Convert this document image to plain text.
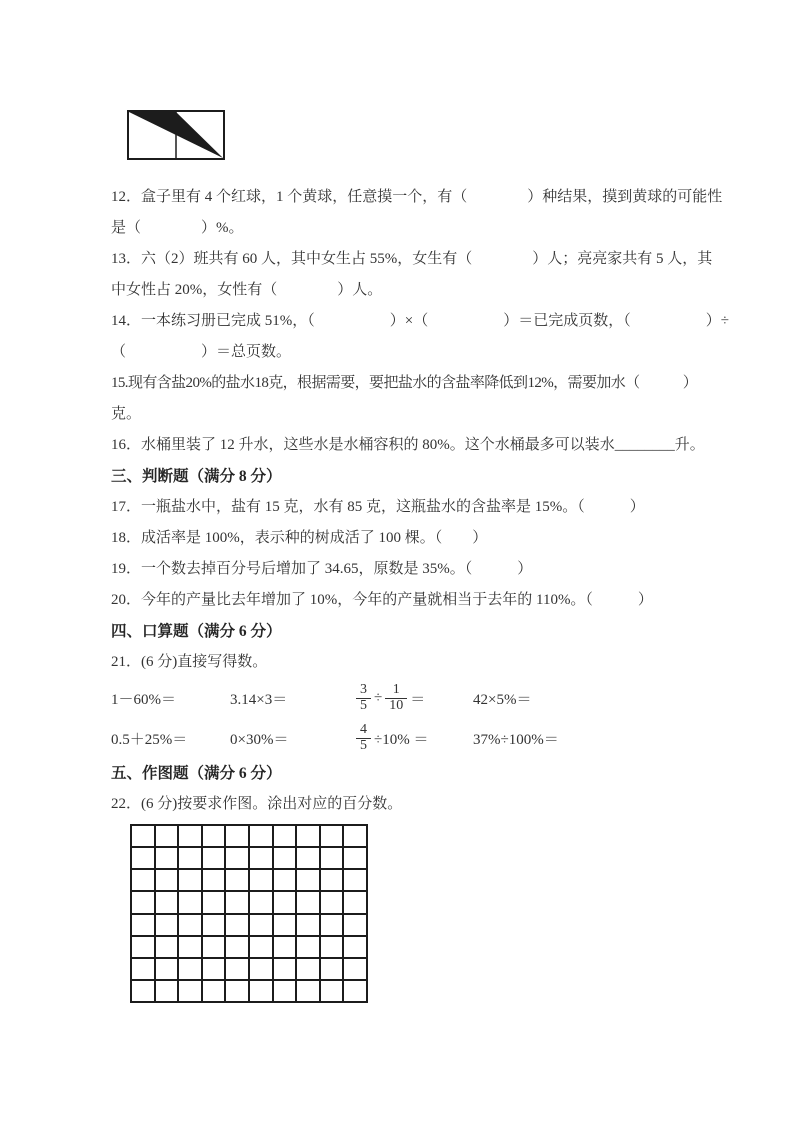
12．盒子里有 4 个红球，1 个黄球，任意摸一个，有（　　　　）种结果，摸到黄球的可能性
是（　　　　）%。
13．六（2）班共有 60 人，其中女生占 55%，女生有（　　　　）人；亮亮家共有 5 人，其
中女性占 20%，女性有（　　　　）人。
14．一本练习册已完成 51%，（　　　　　）×（　　　　　）＝已完成页数，（　　　　　）÷
（　　　　　）＝总页数。
15.现有含盐20%的盐水18克，根据需要，要把盐水的含盐率降低到12%，需要加水（　　　）
克。
16．水桶里装了 12 升水，这些水是水桶容积的 80%。这个水桶最多可以装水________升。
三、判断题（满分 8 分）
17．一瓶盐水中，盐有 15 克，水有 85 克，这瓶盐水的含盐率是 15%。（　　　）
18．成活率是 100%，表示种的树成活了 100 棵。（　　）
19．一个数去掉百分号后增加了 34.65，原数是 35%。（　　　）
20．今年的产量比去年增加了 10%，今年的产量就相当于去年的 110%。（　　　）
四、口算题（满分 6 分）
21．(6 分)直接写得数。
1－60%＝	3.14×3＝	$\frac{3}{5} \div \frac{1}{10}$ ＝	42×5%＝
0.5＋25%＝	0×30%＝	$\frac{4}{5} \div 10\%$ ＝	37%÷100%＝
五、作图题（满分 6 分）
22．(6 分)按要求作图。涂出对应的百分数。
